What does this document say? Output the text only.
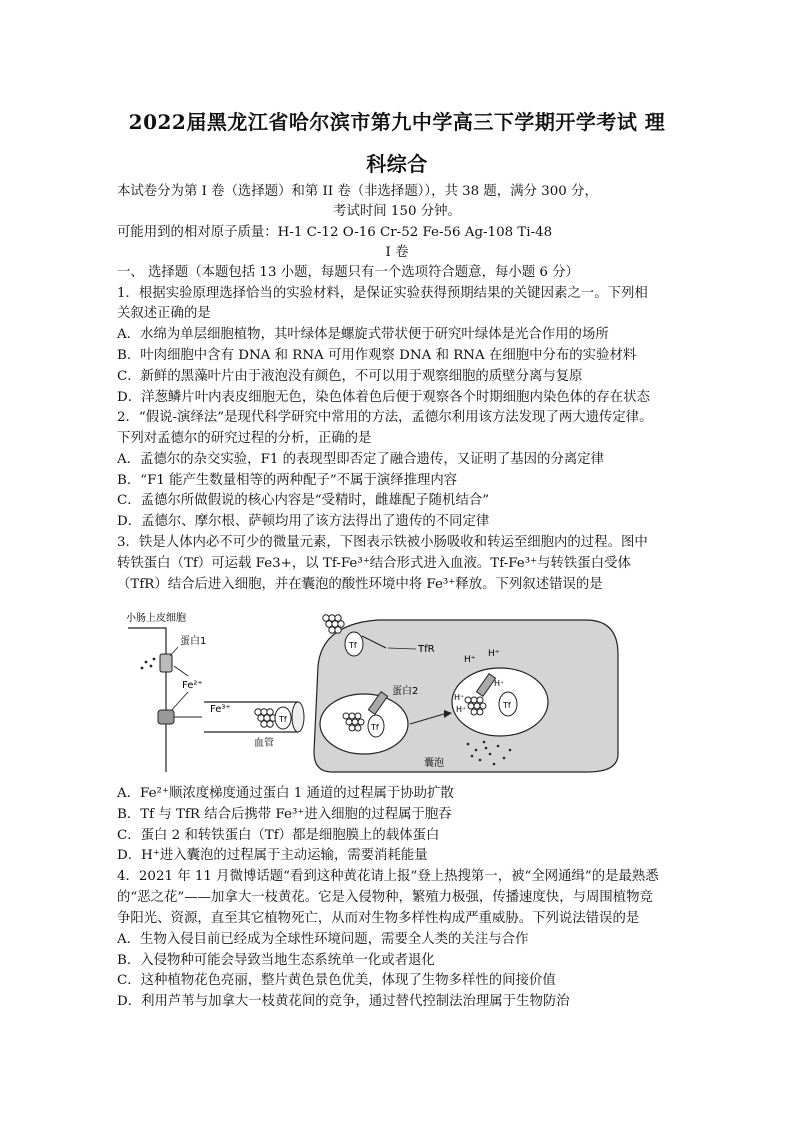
2022届黑龙江省哈尔滨市第九中学高三下学期开学考试 理
科综合
本试卷分为第 I 卷（选择题）和第 II 卷（非选择题）），共 38 题，满分 300 分，
考试时间 150 分钟。
可能用到的相对原子质量：H-1 C-12 O-16 Cr-52 Fe-56 Ag-108 Ti-48
I 卷
一、 选择题（本题包括 13 小题，每题只有一个选项符合题意，每小题 6 分）
1．根据实验原理选择恰当的实验材料，是保证实验获得预期结果的关键因素之一。下列相
关叙述正确的是
A．水绵为单层细胞植物，其叶绿体是螺旋式带状便于研究叶绿体是光合作用的场所
B．叶肉细胞中含有 DNA 和 RNA 可用作观察 DNA 和 RNA 在细胞中分布的实验材料
C．新鲜的黑藻叶片由于液泡没有颜色，不可以用于观察细胞的质壁分离与复原
D．洋葱鳞片叶内表皮细胞无色，染色体着色后便于观察各个时期细胞内染色体的存在状态
2．“假说-演绎法”是现代科学研究中常用的方法，孟德尔利用该方法发现了两大遗传定律。
下列对孟德尔的研究过程的分析，正确的是
A．孟德尔的杂交实验，F1 的表现型即否定了融合遗传，又证明了基因的分离定律
B．“F1 能产生数量相等的两种配子”不属于演绎推理内容
C．孟德尔所做假说的核心内容是“受精时，雌雄配子随机结合”
D．孟德尔、摩尔根、萨顿均用了该方法得出了遗传的不同定律
3．铁是人体内必不可少的微量元素，下图表示铁被小肠吸收和转运至细胞内的过程。图中
转铁蛋白（Tf）可运载 Fe3+，以 Tf-Fe³⁺结合形式进入血液。Tf-Fe³⁺与转铁蛋白受体
（TfR）结合后进入细胞，并在囊泡的酸性环境中将 Fe³⁺释放。下列叙述错误的是
小肠上皮细胞
蛋白1
Fe²⁺
Fe³⁺
Tf
血管
Tf	TfR
Tf
蛋白2
H⁺
H⁺
H⁺
H⁺
H⁺
Tf
囊泡
A．Fe²⁺顺浓度梯度通过蛋白 1 通道的过程属于协助扩散
B．Tf 与 TfR 结合后携带 Fe³⁺进入细胞的过程属于胞吞
C．蛋白 2 和转铁蛋白（Tf）都是细胞膜上的载体蛋白
D．H⁺进入囊泡的过程属于主动运输，需要消耗能量
4．2021 年 11 月微博话题“看到这种黄花请上报”登上热搜第一，被“全网通缉”的是最熟悉
的“恶之花”——加拿大一枝黄花。它是入侵物种，繁殖力极强，传播速度快，与周围植物竞
争阳光、资源，直至其它植物死亡，从而对生物多样性构成严重威胁。下列说法错误的是
A．生物入侵目前已经成为全球性环境问题，需要全人类的关注与合作
B．入侵物种可能会导致当地生态系统单一化或者退化
C．这种植物花色亮丽，整片黄色景色优美，体现了生物多样性的间接价值
D．利用芦苇与加拿大一枝黄花间的竞争，通过替代控制法治理属于生物防治
